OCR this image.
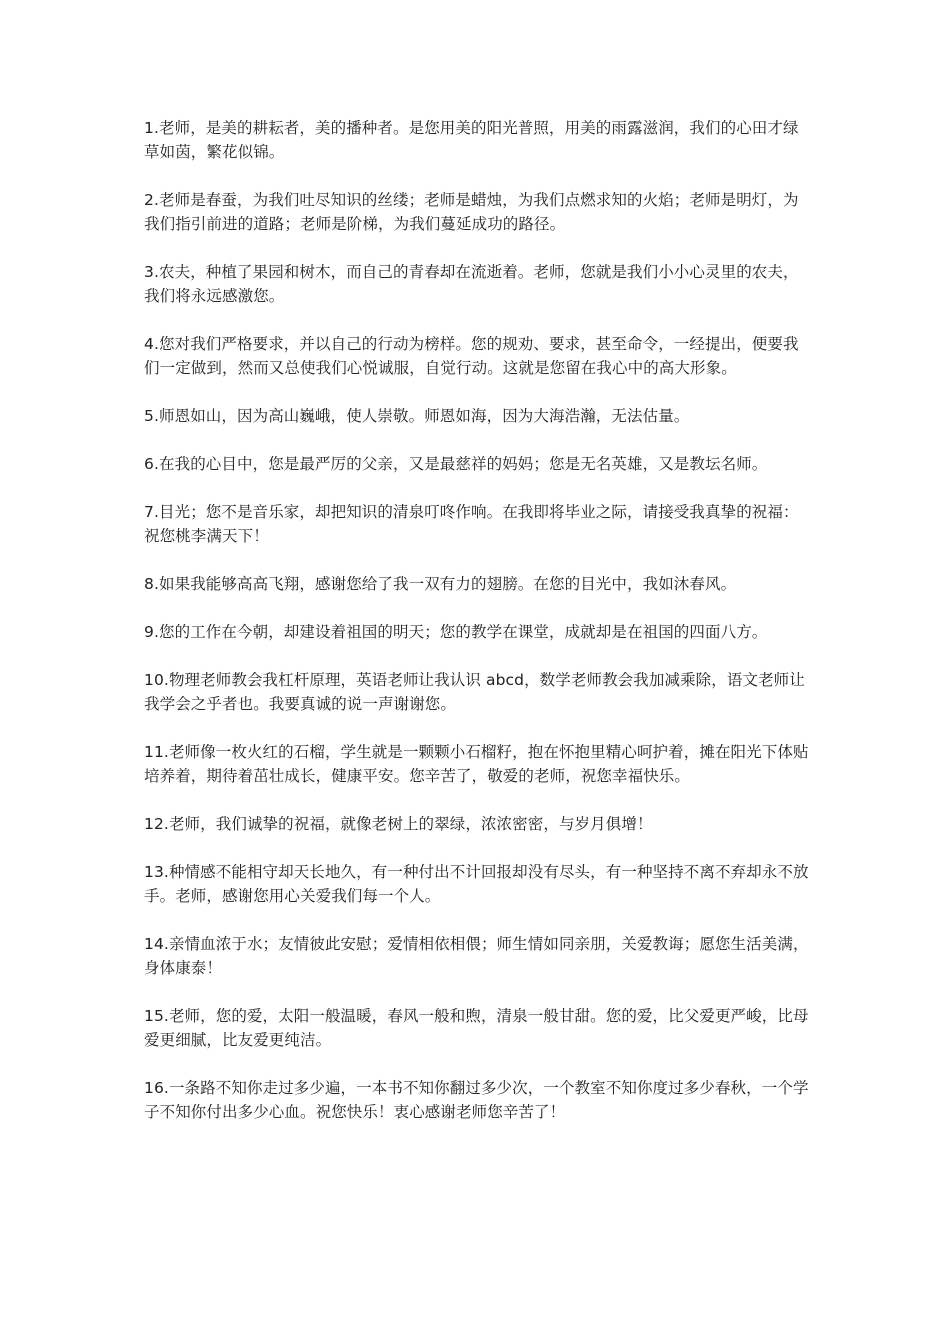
1.老师，是美的耕耘者，美的播种者。是您用美的阳光普照，用美的雨露滋润，我们的心田才绿草如茵，繁花似锦。

2.老师是春蚕，为我们吐尽知识的丝缕；老师是蜡烛，为我们点燃求知的火焰；老师是明灯，为我们指引前进的道路；老师是阶梯，为我们蔓延成功的路径。

3.农夫，种植了果园和树木，而自己的青春却在流逝着。老师，您就是我们小小心灵里的农夫，我们将永远感激您。

4.您对我们严格要求，并以自己的行动为榜样。您的规劝、要求，甚至命令，一经提出，便要我们一定做到，然而又总使我们心悦诚服，自觉行动。这就是您留在我心中的高大形象。

5.师恩如山，因为高山巍峨，使人崇敬。师恩如海，因为大海浩瀚，无法估量。

6.在我的心目中，您是最严厉的父亲，又是最慈祥的妈妈；您是无名英雄，又是教坛名师。

7.目光；您不是音乐家，却把知识的清泉叮咚作响。在我即将毕业之际，请接受我真挚的祝福：祝您桃李满天下！

8.如果我能够高高飞翔，感谢您给了我一双有力的翅膀。在您的目光中，我如沐春风。

9.您的工作在今朝，却建设着祖国的明天；您的教学在课堂，成就却是在祖国的四面八方。

10.物理老师教会我杠杆原理，英语老师让我认识 abcd，数学老师教会我加减乘除，语文老师让我学会之乎者也。我要真诚的说一声谢谢您。

11.老师像一枚火红的石榴，学生就是一颗颗小石榴籽，抱在怀抱里精心呵护着，摊在阳光下体贴培养着，期待着茁壮成长，健康平安。您辛苦了，敬爱的老师，祝您幸福快乐。

12.老师，我们诚挚的祝福，就像老树上的翠绿，浓浓密密，与岁月俱增！

13.种情感不能相守却天长地久，有一种付出不计回报却没有尽头，有一种坚持不离不弃却永不放手。老师，感谢您用心关爱我们每一个人。

14.亲情血浓于水；友情彼此安慰；爱情相依相偎；师生情如同亲朋，关爱教诲；愿您生活美满，身体康泰！

15.老师，您的爱，太阳一般温暖，春风一般和煦，清泉一般甘甜。您的爱，比父爱更严峻，比母爱更细腻，比友爱更纯洁。

16.一条路不知你走过多少遍，一本书不知你翻过多少次，一个教室不知你度过多少春秋，一个学子不知你付出多少心血。祝您快乐！衷心感谢老师您辛苦了！
